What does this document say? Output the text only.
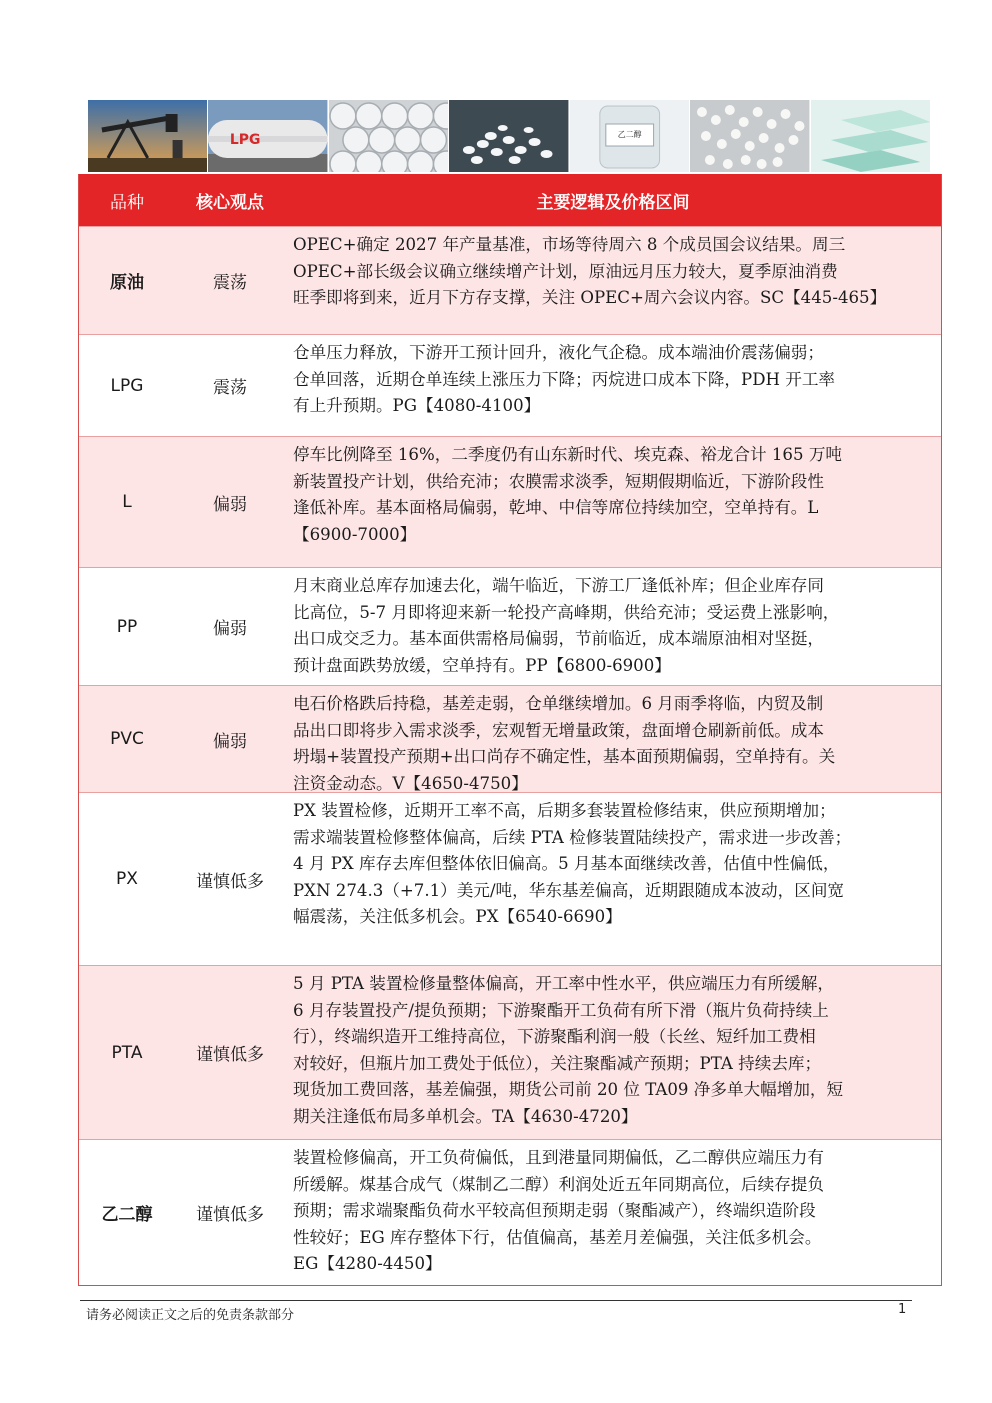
LPG	乙二醇
品种	核心观点	主要逻辑及价格区间
原油	震荡
OPEC+确定 2027 年产量基准，市场等待周六 8 个成员国会议结果。周三
OPEC+部长级会议确立继续增产计划，原油远月压力较大，夏季原油消费
旺季即将到来，近月下方存支撑，关注 OPEC+周六会议内容。SC【445-465】
LPG	震荡
仓单压力释放，下游开工预计回升，液化气企稳。成本端油价震荡偏弱；
仓单回落，近期仓单连续上涨压力下降；丙烷进口成本下降，PDH 开工率
有上升预期。PG【4080-4100】
L	偏弱
停车比例降至 16%，二季度仍有山东新时代、埃克森、裕龙合计 165 万吨
新装置投产计划，供给充沛；农膜需求淡季，短期假期临近，下游阶段性
逢低补库。基本面格局偏弱，乾坤、中信等席位持续加空，空单持有。L
【6900-7000】
PP	偏弱
月末商业总库存加速去化，端午临近，下游工厂逢低补库；但企业库存同
比高位，5-7 月即将迎来新一轮投产高峰期，供给充沛；受运费上涨影响，
出口成交乏力。基本面供需格局偏弱，节前临近，成本端原油相对坚挺，
预计盘面跌势放缓，空单持有。PP【6800-6900】
PVC	偏弱
电石价格跌后持稳，基差走弱，仓单继续增加。6 月雨季将临，内贸及制
品出口即将步入需求淡季，宏观暂无增量政策，盘面增仓刷新前低。成本
坍塌+装置投产预期+出口尚存不确定性，基本面预期偏弱，空单持有。关
注资金动态。V【4650-4750】
PX	谨慎低多
PX 装置检修，近期开工率不高，后期多套装置检修结束，供应预期增加；
需求端装置检修整体偏高，后续 PTA 检修装置陆续投产，需求进一步改善；
4 月 PX 库存去库但整体依旧偏高。5 月基本面继续改善，估值中性偏低，
PXN 274.3（+7.1）美元/吨，华东基差偏高，近期跟随成本波动，区间宽
幅震荡，关注低多机会。PX【6540-6690】
PTA	谨慎低多
5 月 PTA 装置检修量整体偏高，开工率中性水平，供应端压力有所缓解，
6 月存装置投产/提负预期；下游聚酯开工负荷有所下滑（瓶片负荷持续上
行），终端织造开工维持高位，下游聚酯利润一般（长丝、短纤加工费相
对较好，但瓶片加工费处于低位），关注聚酯减产预期；PTA 持续去库；
现货加工费回落，基差偏强，期货公司前 20 位 TA09 净多单大幅增加，短
期关注逢低布局多单机会。TA【4630-4720】
乙二醇	谨慎低多
装置检修偏高，开工负荷偏低，且到港量同期偏低，乙二醇供应端压力有
所缓解。煤基合成气（煤制乙二醇）利润处近五年同期高位，后续存提负
预期；需求端聚酯负荷水平较高但预期走弱（聚酯减产），终端织造阶段
性较好；EG 库存整体下行，估值偏高，基差月差偏强，关注低多机会。
EG【4280-4450】
请务必阅读正文之后的免责条款部分	1
